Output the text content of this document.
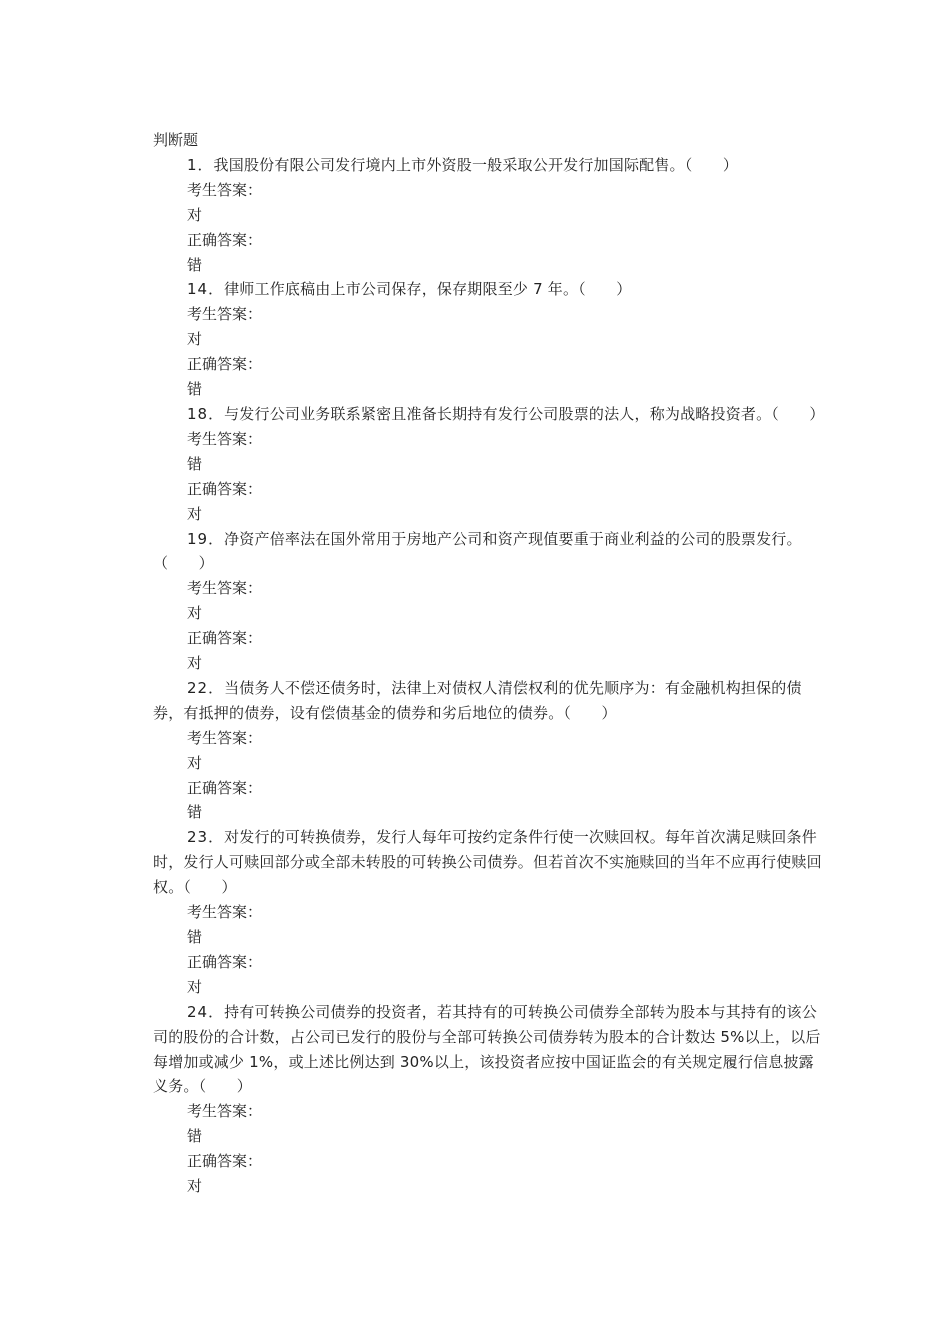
判断题

1．我国股份有限公司发行境内上市外资股一般采取公开发行加国际配售。（　　）

考生答案：

对

正确答案：

错

14．律师工作底稿由上市公司保存，保存期限至少 7 年。（　　）

考生答案：

对

正确答案：

错

18．与发行公司业务联系紧密且准备长期持有发行公司股票的法人，称为战略投资者。（　　）

考生答案：

错

正确答案：

对

19．净资产倍率法在国外常用于房地产公司和资产现值要重于商业利益的公司的股票发行。（　　）

考生答案：

对

正确答案：

对

22．当债务人不偿还债务时，法律上对债权人清偿权利的优先顺序为：有金融机构担保的债券，有抵押的债券，设有偿债基金的债券和劣后地位的债券。（　　）

考生答案：

对

正确答案：

错

23．对发行的可转换债券，发行人每年可按约定条件行使一次赎回权。每年首次满足赎回条件时，发行人可赎回部分或全部未转股的可转换公司债券。但若首次不实施赎回的当年不应再行使赎回权。（　　）

考生答案：

错

正确答案：

对

24．持有可转换公司债券的投资者，若其持有的可转换公司债券全部转为股本与其持有的该公司的股份的合计数，占公司已发行的股份与全部可转换公司债券转为股本的合计数达 5%以上，以后每增加或减少 1%，或上述比例达到 30%以上，该投资者应按中国证监会的有关规定履行信息披露义务。（　　）

考生答案：

错

正确答案：

对
